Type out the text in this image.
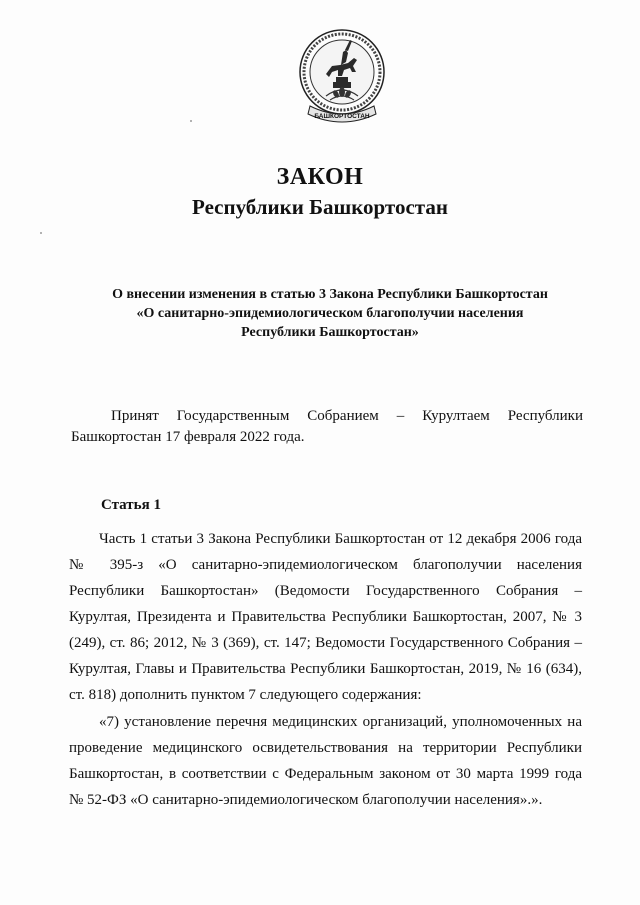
БАШКОРТОСТАН
ЗАКОН
Республики Башкортостан
О внесении изменения в статью 3 Закона Республики Башкортостан
«О санитарно-эпидемиологическом благополучии населения
Республики Башкортостан»
Принят Государственным Собранием – Курултаем Республики
Башкортостан 17 февраля 2022 года.
Статья 1
Часть 1 статьи 3 Закона Республики Башкортостан от 12 декабря 2006 года
№ 395-з «О санитарно-эпидемиологическом благополучии населения
Республики Башкортостан» (Ведомости Государственного Собрания –
Курултая, Президента и Правительства Республики Башкортостан, 2007, № 3
(249), ст. 86; 2012, № 3 (369), ст. 147; Ведомости Государственного Собрания –
Курултая, Главы и Правительства Республики Башкортостан, 2019, № 16 (634),
ст. 818) дополнить пунктом 7 следующего содержания:
«7) установление перечня медицинских организаций, уполномоченных на
проведение медицинского освидетельствования на территории Республики
Башкортостан, в соответствии с Федеральным законом от 30 марта 1999 года
№ 52-ФЗ «О санитарно-эпидемиологическом благополучии населения».».
